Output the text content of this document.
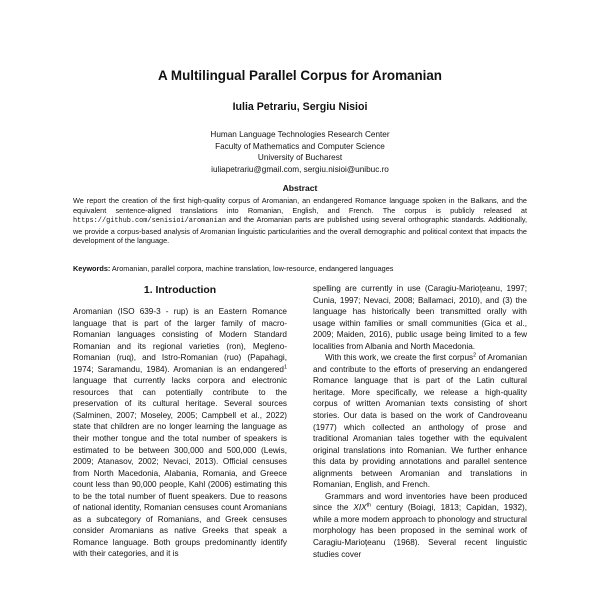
A Multilingual Parallel Corpus for Aromanian
Iulia Petrariu, Sergiu Nisioi
Human Language Technologies Research Center
Faculty of Mathematics and Computer Science
University of Bucharest
iuliapetrariu@gmail.com, sergiu.nisioi@unibuc.ro
Abstract
We report the creation of the first high-quality corpus of Aromanian, an endangered Romance language spoken in the Balkans, and the equivalent sentence-aligned translations into Romanian, English, and French. The corpus is publicly released at https://github.com/senisioi/aromanian and the Aromanian parts are published using several orthographic standards. Additionally, we provide a corpus-based analysis of Aromanian linguistic particularities and the overall demographic and political context that impacts the development of the language.
Keywords: Aromanian, parallel corpora, machine translation, low-resource, endangered languages
1. Introduction

Aromanian (ISO 639-3 - rup) is an Eastern Romance language that is part of the larger family of macro-Romanian languages consisting of Modern Standard Romanian and its regional varieties (ron), Megleno-Romanian (ruq), and Istro-Romanian (ruo) (Papahagi, 1974; Saramandu, 1984). Aromanian is an endangered$^1$ language that currently lacks corpora and electronic resources that can potentially contribute to the preservation of its cultural heritage. Several sources (Salminen, 2007; Moseley, 2005; Campbell et al., 2022) state that children are no longer learning the language as their mother tongue and the total number of speakers is estimated to be between 300,000 and 500,000 (Lewis, 2009; Atanasov, 2002; Nevaci, 2013). Official censuses from North Macedonia, Alabania, Romania, and Greece count less than 90,000 people, Kahl (2006) estimating this to be the total number of fluent speakers. Due to reasons of national identity, Romanian censuses count Aromanians as a subcategory of Romanians, and Greek censuses consider Aromanians as native Greeks that speak a Romance language. Both groups predominantly identify with their categories, and it is

spelling are currently in use (Caragiu-Marioţeanu, 1997; Cunia, 1997; Nevaci, 2008; Ballamaci, 2010), and (3) the language has historically been transmitted orally with usage within families or small communities (Gica et al., 2009; Maiden, 2016), public usage being limited to a few localities from Albania and North Macedonia.

With this work, we create the first corpus$^2$ of Aromanian and contribute to the efforts of preserving an endangered Romance language that is part of the Latin cultural heritage. More specifically, we release a high-quality corpus of written Aromanian texts consisting of short stories. Our data is based on the work of Candroveanu (1977) which collected an anthology of prose and traditional Aromanian tales together with the equivalent original translations into Romanian. We further enhance this data by providing annotations and parallel sentence alignments between Aromanian and translations in Romanian, English, and French.

Grammars and word inventories have been produced since the XIXth century (Boiagi, 1813; Capidan, 1932), while a more modern approach to phonology and structural morphology has been proposed in the seminal work of Caragiu-Marioţeanu (1968). Several recent linguistic studies cover
